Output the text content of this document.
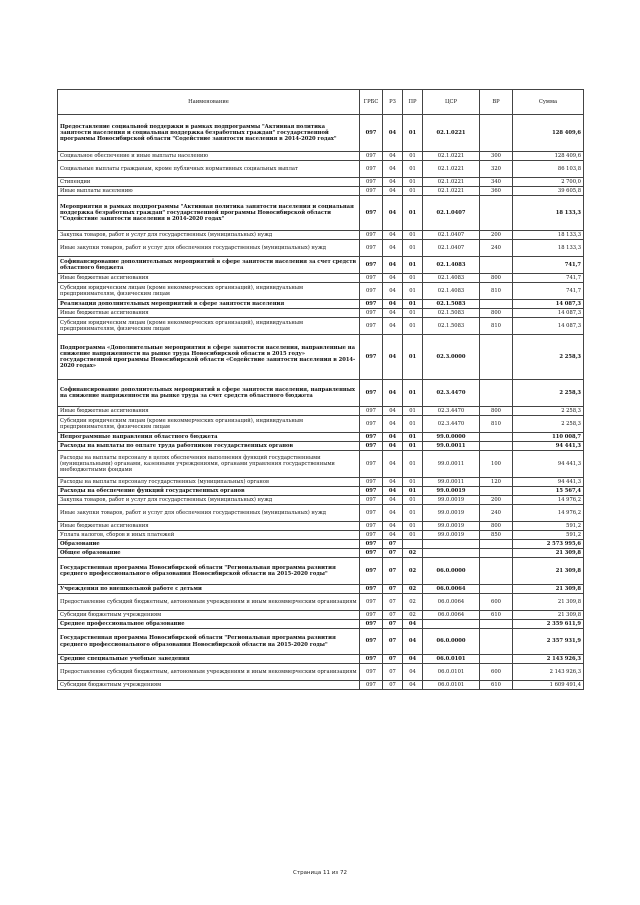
Наименование	ГРБС	РЗ	ПР	ЦСР	ВР	Сумма
Предоставление социальной поддержки в рамках подпрограммы "Активная политика занятости населения и социальная поддержка безработных граждан" государственной программы Новосибирской области "Содействие занятости населения в 2014-2020 годах"	097	04	01	02.1.0221		128 409,6
Социальное обеспечение и иные выплаты населению	097	04	01	02.1.0221	300	128 409,6
Социальные выплаты гражданам, кроме публичных нормативных социальных выплат	097	04	01	02.1.0221	320	86 103,8
Стипендии	097	04	01	02.1.0221	340	2 700,0
Иные выплаты населению	097	04	01	02.1.0221	360	39 605,8
Мероприятия в рамках подпрограммы "Активная политика занятости населения и социальная поддержка безработных граждан" государственной программы Новосибирской области "Содействие занятости населения в 2014-2020 годах"	097	04	01	02.1.0407		18 133,3
Закупка товаров, работ и услуг для государственных (муниципальных) нужд	097	04	01	02.1.0407	200	18 133,3
Иные закупки товаров, работ и услуг для обеспечения государственных (муниципальных) нужд	097	04	01	02.1.0407	240	18 133,3
Софинансирование дополнительных мероприятий в сфере занятости населения за счет средств областного бюджета	097	04	01	02.1.4083		741,7
Иные бюджетные ассигнования	097	04	01	02.1.4083	800	741,7
Субсидии юридическим лицам (кроме некоммерческих организаций), индивидуальным предпринимателям, физическим лицам	097	04	01	02.1.4083	810	741,7
Реализация дополнительных мероприятий в сфере занятости населения	097	04	01	02.1.5083		14 087,3
Иные бюджетные ассигнования	097	04	01	02.1.5083	800	14 087,3
Субсидии юридическим лицам (кроме некоммерческих организаций), индивидуальным предпринимателям, физическим лицам	097	04	01	02.1.5083	810	14 087,3
Подпрограмма «Дополнительные мероприятия в сфере занятости населения, направленные на снижение напряженности на рынке труда Новосибирской области в 2015 году» государственной программы Новосибирской области «Содействие занятости населения в 2014-2020 годах»	097	04	01	02.3.0000		2 258,3
Софинансирование дополнительных мероприятий в сфере занятости населения, направленных на снижение напряженности на рынке труда за счет средств областного бюджета	097	04	01	02.3.4470		2 258,3
Иные бюджетные ассигнования	097	04	01	02.3.4470	800	2 258,3
Субсидии юридическим лицам (кроме некоммерческих организаций), индивидуальным предпринимателям, физическим лицам	097	04	01	02.3.4470	810	2 258,3
Непрограммные направления областного бюджета	097	04	01	99.0.0000		110 008,7
Расходы на выплаты по оплате труда работников государственных органов	097	04	01	99.0.0011		94 441,3
Расходы на выплаты персоналу в целях обеспечения выполнения функций государственными (муниципальными) органами, казенными учреждениями, органами управления государственными внебюджетными фондами	097	04	01	99.0.0011	100	94 441,3
Расходы на выплаты персоналу государственных (муниципальных) органов	097	04	01	99.0.0011	120	94 441,3
Расходы на обеспечение функций государственных органов	097	04	01	99.0.0019		15 567,4
Закупка товаров, работ и услуг для государственных (муниципальных) нужд	097	04	01	99.0.0019	200	14 976,2
Иные закупки товаров, работ и услуг для обеспечения государственных (муниципальных) нужд	097	04	01	99.0.0019	240	14 976,2
Иные бюджетные ассигнования	097	04	01	99.0.0019	800	591,2
Уплата налогов, сборов и иных платежей	097	04	01	99.0.0019	850	591,2
Образование	097	07				2 573 995,6
Общее образование	097	07	02			21 309,8
Государственная программа Новосибирской области "Региональная программа развития среднего профессионального образования Новосибирской области на 2015-2020 годы"	097	07	02	06.0.0000		21 309,8
Учреждения по внешкольной работе с детьми	097	07	02	06.0.0064		21 309,8
Предоставление субсидий бюджетным, автономным учреждениям и иным некоммерческим организациям	097	07	02	06.0.0064	600	21 309,8
Субсидии бюджетным учреждениям	097	07	02	06.0.0064	610	21 309,8
Среднее профессиональное образование	097	07	04			2 359 611,9
Государственная программа Новосибирской области "Региональная программа развития среднего профессионального образования Новосибирской области на 2015-2020 годы"	097	07	04	06.0.0000		2 357 931,9
Средние специальные учебные заведения	097	07	04	06.0.0101		2 143 926,3
Предоставление субсидий бюджетным, автономным учреждениям и иным некоммерческим организациям	097	07	04	06.0.0101	600	2 143 926,3
Субсидии бюджетным учреждениям	097	07	04	06.0.0101	610	1 609 491,4
Страница 11 из 72
